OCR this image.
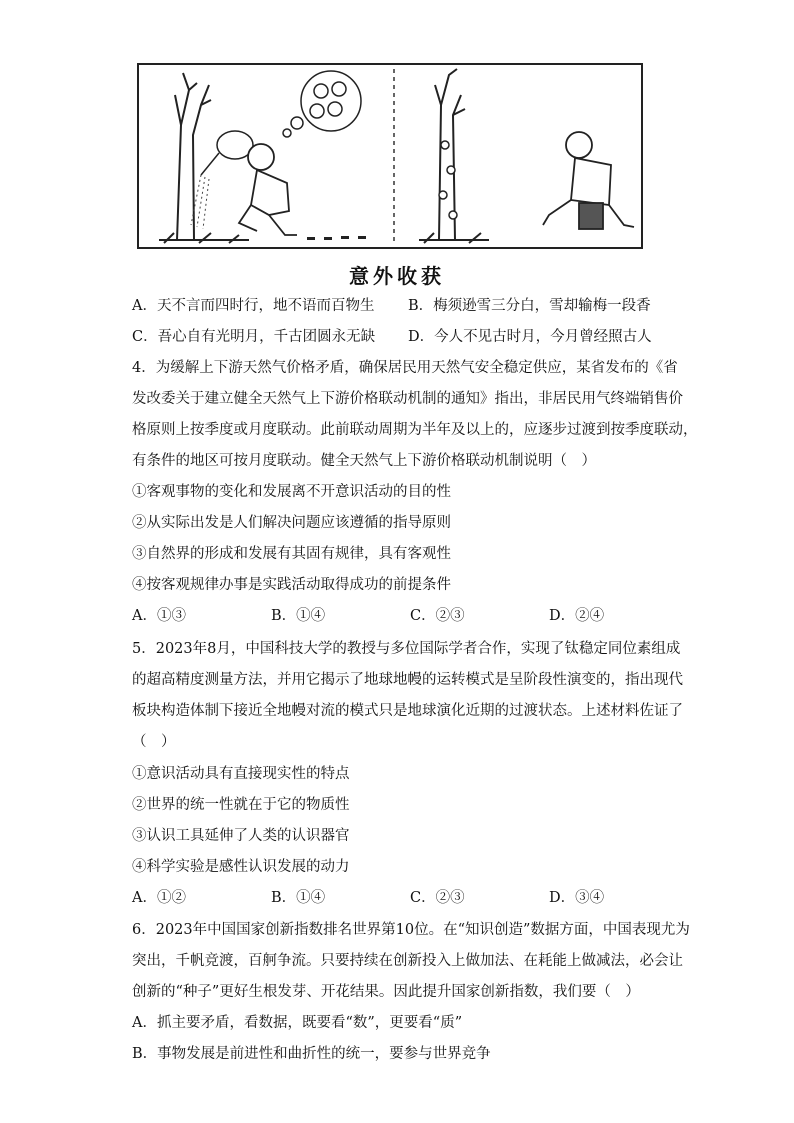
意外收获
A．天不言而四时行，地不语而百物生 B．梅须逊雪三分白，雪却输梅一段香
C．吾心自有光明月，千古团圆永无缺 D．今人不见古时月，今月曾经照古人
4．为缓解上下游天然气价格矛盾，确保居民用天然气安全稳定供应，某省发布的《省
发改委关于建立健全天然气上下游价格联动机制的通知》指出，非居民用气终端销售价
格原则上按季度或月度联动。此前联动周期为半年及以上的，应逐步过渡到按季度联动，
有条件的地区可按月度联动。健全天然气上下游价格联动机制说明（　）
①客观事物的变化和发展离不开意识活动的目的性
②从实际出发是人们解决问题应该遵循的指导原则
③自然界的形成和发展有其固有规律，具有客观性
④按客观规律办事是实践活动取得成功的前提条件
A．①③	B．①④	C．②③	D．②④
5．2023年8月，中国科技大学的教授与多位国际学者合作，实现了钛稳定同位素组成
的超高精度测量方法，并用它揭示了地球地幔的运转模式是呈阶段性演变的，指出现代
板块构造体制下接近全地幔对流的模式只是地球演化近期的过渡状态。上述材料佐证了
（　）
①意识活动具有直接现实性的特点
②世界的统一性就在于它的物质性
③认识工具延伸了人类的认识器官
④科学实验是感性认识发展的动力
A．①②	B．①④	C．②③	D．③④
6．2023年中国国家创新指数排名世界第10位。在“知识创造”数据方面，中国表现尤为
突出，千帆竞渡，百舸争流。只要持续在创新投入上做加法、在耗能上做减法，必会让
创新的“种子”更好生根发芽、开花结果。因此提升国家创新指数，我们要（　）
A．抓主要矛盾，看数据，既要看“数”，更要看“质”
B．事物发展是前进性和曲折性的统一，要参与世界竞争
